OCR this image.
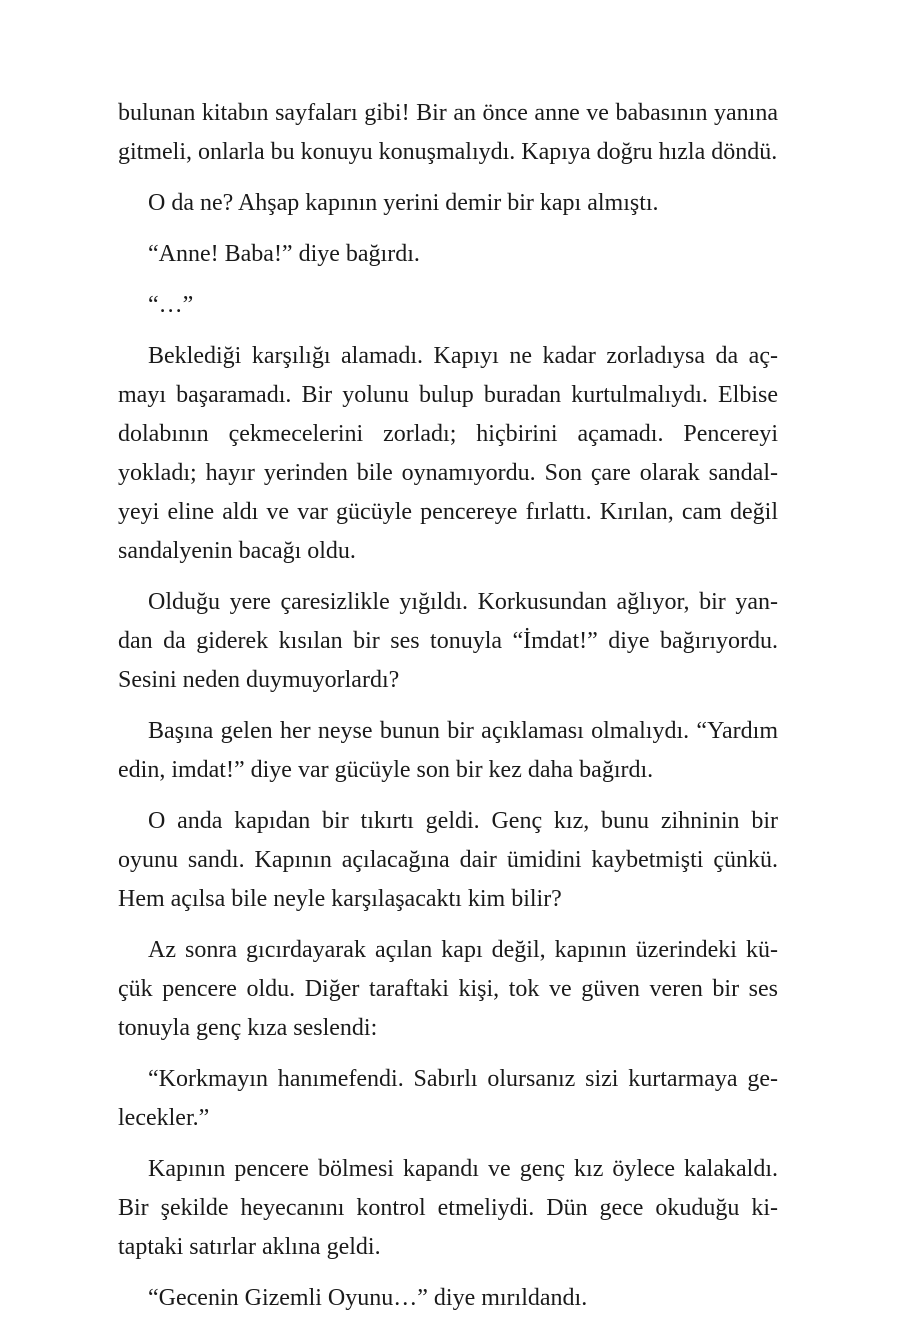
bulunan kitabın sayfaları gibi! Bir an önce anne ve babasının yanına gitmeli, onlarla bu konuyu konuşmalıydı. Kapıya doğru hızla döndü.

O da ne? Ahşap kapının yerini demir bir kapı almıştı.

“Anne! Baba!” diye bağırdı.

“…”

Beklediği karşılığı alamadı. Kapıyı ne kadar zorladıysa da açmayı başaramadı. Bir yolunu bulup buradan kurtulmalıydı. Elbise dolabının çekmecelerini zorladı; hiçbirini açamadı. Pencereyi yokladı; hayır yerinden bile oynamıyordu. Son çare olarak sandalyeyi eline aldı ve var gücüyle pencereye fırlattı. Kırılan, cam değil sandalyenin bacağı oldu.

Olduğu yere çaresizlikle yığıldı. Korkusundan ağlıyor, bir yandan da giderek kısılan bir ses tonuyla “İmdat!” diye bağırıyordu. Sesini neden duymuyorlardı?

Başına gelen her neyse bunun bir açıklaması olmalıydı. “Yardım edin, imdat!” diye var gücüyle son bir kez daha bağırdı.

O anda kapıdan bir tıkırtı geldi. Genç kız, bunu zihninin bir oyunu sandı. Kapının açılacağına dair ümidini kaybetmişti çünkü. Hem açılsa bile neyle karşılaşacaktı kim bilir?

Az sonra gıcırdayarak açılan kapı değil, kapının üzerindeki küçük pencere oldu. Diğer taraftaki kişi, tok ve güven veren bir ses tonuyla genç kıza seslendi:

“Korkmayın hanımefendi. Sabırlı olursanız sizi kurtarmaya gelecekler.”

Kapının pencere bölmesi kapandı ve genç kız öylece kalakaldı. Bir şekilde heyecanını kontrol etmeliydi. Dün gece okuduğu kitaptaki satırlar aklına geldi.

“Gecenin Gizemli Oyunu…” diye mırıldandı.
